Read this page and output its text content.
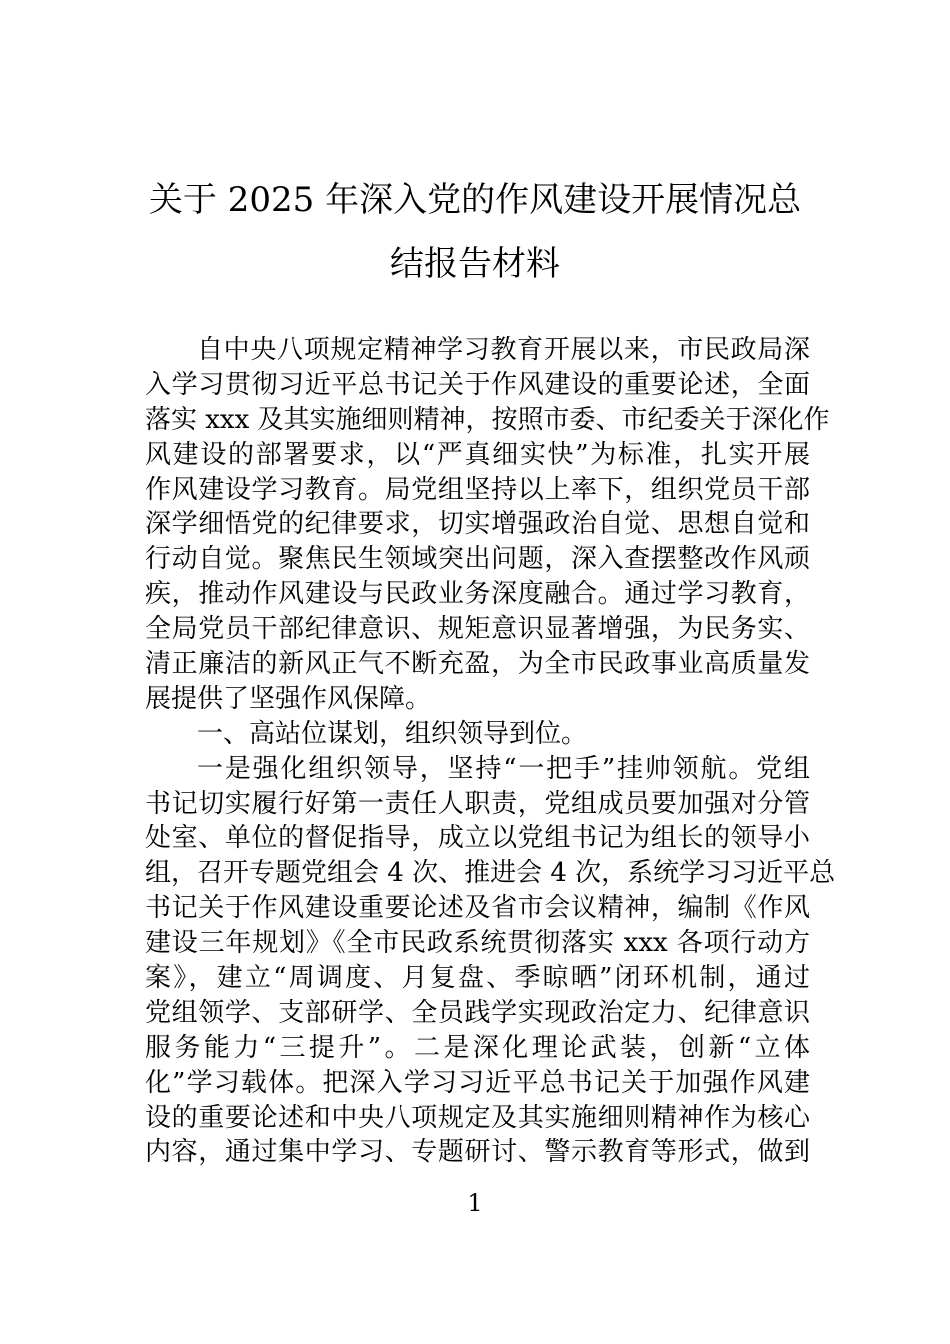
关于 2025 年深入党的作风建设开展情况总
结报告材料
自中央八项规定精神学习教育开展以来，市民政局深
入学习贯彻习近平总书记关于作风建设的重要论述，全面
落实 xxx 及其实施细则精神，按照市委、市纪委关于深化作
风建设的部署要求，以“严真细实快”为标准，扎实开展
作风建设学习教育。局党组坚持以上率下，组织党员干部
深学细悟党的纪律要求，切实增强政治自觉、思想自觉和
行动自觉。聚焦民生领域突出问题，深入查摆整改作风顽
疾，推动作风建设与民政业务深度融合。通过学习教育，
全局党员干部纪律意识、规矩意识显著增强，为民务实、
清正廉洁的新风正气不断充盈，为全市民政事业高质量发
展提供了坚强作风保障。
一、高站位谋划，组织领导到位。
一是强化组织领导，坚持“一把手”挂帅领航。党组
书记切实履行好第一责任人职责，党组成员要加强对分管
处室、单位的督促指导，成立以党组书记为组长的领导小
组，召开专题党组会 4 次、推进会 4 次，系统学习习近平总
书记关于作风建设重要论述及省市会议精神，编制《作风
建设三年规划》《全市民政系统贯彻落实 xxx 各项行动方
案》，建立“周调度、月复盘、季晾晒”闭环机制，通过
党组领学、支部研学、全员践学实现政治定力、纪律意识
服务能力“三提升”。二是深化理论武装，创新“立体
化”学习载体。把深入学习习近平总书记关于加强作风建
设的重要论述和中央八项规定及其实施细则精神作为核心
内容，通过集中学习、专题研讨、警示教育等形式，做到
1
